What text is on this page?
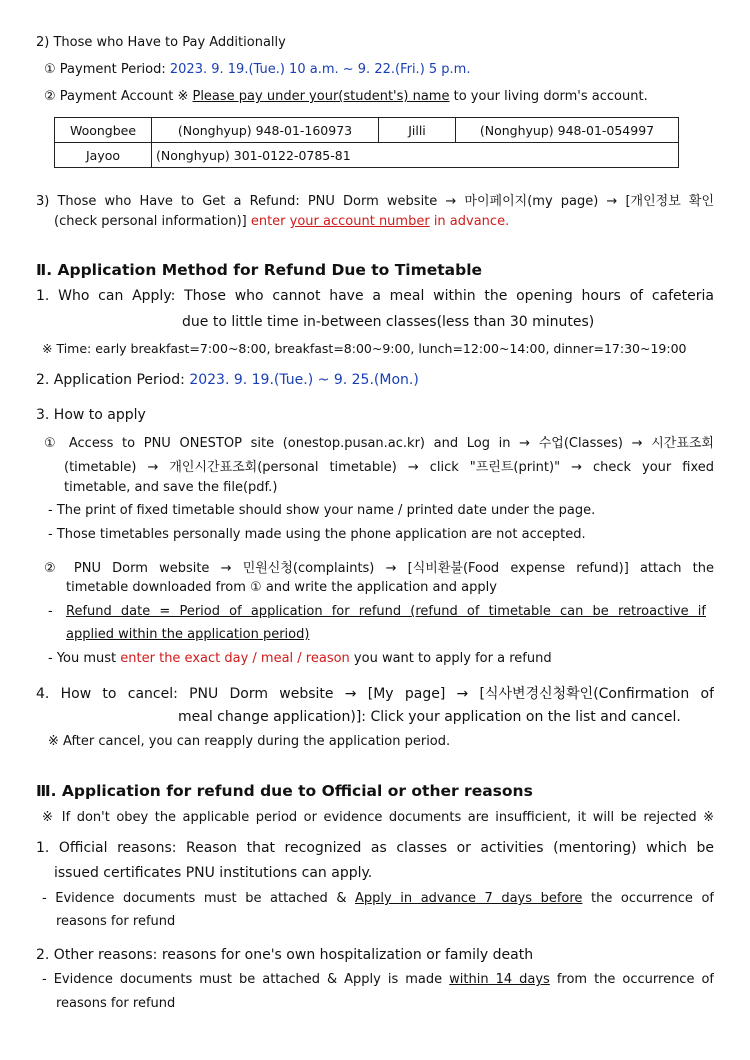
2) Those who Have to Pay Additionally
① Payment Period: 2023. 9. 19.(Tue.) 10 a.m. ~ 9. 22.(Fri.) 5 p.m.
② Payment Account ※ Please pay under your(student's) name to your living dorm's account.
Woongbee	(Nonghyup) 948-01-160973	Jilli	(Nonghyup) 948-01-054997
Jayoo	(Nonghyup) 301-0122-0785-81		
3) Those who Have to Get a Refund: PNU Dorm website → 마이페이지(my page) → [개인정보 확인
(check personal information)] enter your account number in advance.
Ⅱ. Application Method for Refund Due to Timetable
1. Who can Apply: Those who cannot have a meal within the opening hours of cafeteria
due to little time in-between classes(less than 30 minutes)
※ Time: early breakfast=7:00~8:00, breakfast=8:00~9:00, lunch=12:00~14:00, dinner=17:30~19:00
2. Application Period: 2023. 9. 19.(Tue.) ~ 9. 25.(Mon.)
3. How to apply
① Access to PNU ONESTOP site (onestop.pusan.ac.kr) and Log in → 수업(Classes) → 시간표조회
(timetable) → 개인시간표조회(personal timetable) → click "프린트(print)" → check your fixed
timetable, and save the file(pdf.)
- The print of fixed timetable should show your name / printed date under the page.
- Those timetables personally made using the phone application are not accepted.
② PNU Dorm website → 민원신청(complaints) → [식비환불(Food expense refund)] attach the
timetable downloaded from ① and write the application and apply
- Refund date = Period of application for refund (refund of timetable can be retroactive if
applied within the application period)
- You must enter the exact day / meal / reason you want to apply for a refund
4. How to cancel: PNU Dorm website → [My page] → [식사변경신청확인(Confirmation of
meal change application)]: Click your application on the list and cancel.
※ After cancel, you can reapply during the application period.
Ⅲ. Application for refund due to Official or other reasons
※ If don't obey the applicable period or evidence documents are insufficient, it will be rejected ※
1. Official reasons: Reason that recognized as classes or activities (mentoring) which be
issued certificates PNU institutions can apply.
- Evidence documents must be attached & Apply in advance 7 days before the occurrence of
reasons for refund
2. Other reasons: reasons for one's own hospitalization or family death
- Evidence documents must be attached & Apply is made within 14 days from the occurrence of
reasons for refund
